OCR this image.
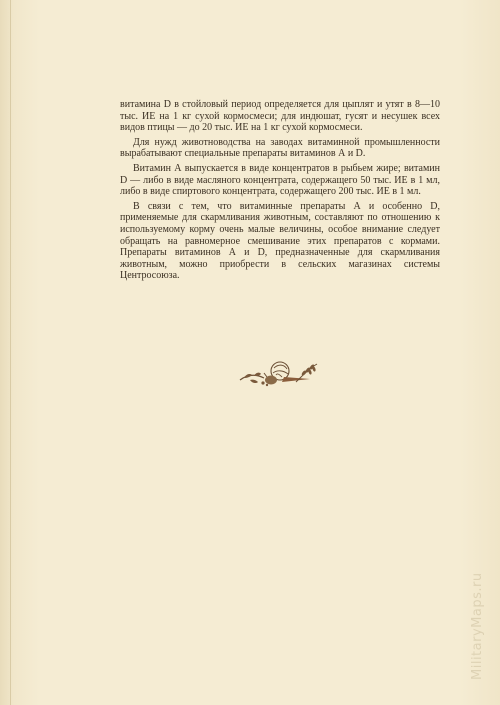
витамина D в стойловый период определяется для цыплят и утят в 8—10 тыс. ИЕ на 1 кг сухой кормосмеси; для индюшат, гусят и несушек всех видов птицы — до 20 тыс. ИЕ на 1 кг сухой кормосмеси.

Для нужд животноводства на заводах витаминной промышленности вырабатывают специальные препараты витаминов А и D.

Витамин А выпускается в виде концентратов в рыбьем жире; витамин D — либо в виде масляного концентрата, содержащего 50 тыс. ИЕ в 1 мл, либо в виде спиртового концентрата, содержащего 200 тыс. ИЕ в 1 мл.

В связи с тем, что витаминные препараты А и особенно D, применяемые для скармливания животным, составляют по отношению к используемому корму очень малые величины, особое внимание следует обращать на равномерное смешивание этих препаратов с кормами. Препараты витаминов А и D, предназначенные для скармливания животным, можно приобрести в сельских магазинах системы Центросоюза.

MilitaryMaps.ru
